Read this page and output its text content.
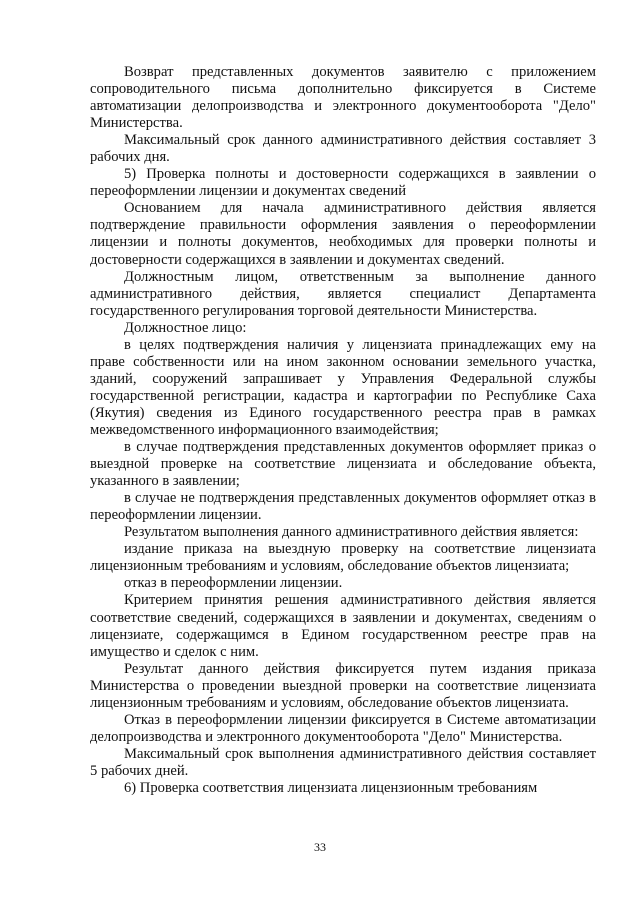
Возврат представленных документов заявителю с приложением сопроводительного письма дополнительно фиксируется в Системе автоматизации делопроизводства и электронного документооборота "Дело" Министерства.

Максимальный срок данного административного действия составляет 3 рабочих дня.

5) Проверка полноты и достоверности содержащихся в заявлении о переоформлении лицензии и документах сведений

Основанием для начала административного действия является подтверждение правильности оформления заявления о переоформлении лицензии и полноты документов, необходимых для проверки полноты и достоверности содержащихся в заявлении и документах сведений.

Должностным лицом, ответственным за выполнение данного административного действия, является специалист Департамента государственного регулирования торговой деятельности Министерства.

Должностное лицо:

в целях подтверждения наличия у лицензиата принадлежащих ему на праве собственности или на ином законном основании земельного участка, зданий, сооружений запрашивает у Управления Федеральной службы государственной регистрации, кадастра и картографии по Республике Саха (Якутия) сведения из Единого государственного реестра прав в рамках межведомственного информационного взаимодействия;

в случае подтверждения представленных документов оформляет приказ о выездной проверке на соответствие лицензиата и обследование объекта, указанного в заявлении;

в случае не подтверждения представленных документов оформляет отказ в переоформлении лицензии.

Результатом выполнения данного административного действия является:

издание приказа на выездную проверку на соответствие лицензиата лицензионным требованиям и условиям, обследование объектов лицензиата;

отказ в переоформлении лицензии.

Критерием принятия решения административного действия является соответствие сведений, содержащихся в заявлении и документах, сведениям о лицензиате, содержащимся в Едином государственном реестре прав на имущество и сделок с ним.

Результат данного действия фиксируется путем издания приказа Министерства о проведении выездной проверки на соответствие лицензиата лицензионным требованиям и условиям, обследование объектов лицензиата.

Отказ в переоформлении лицензии фиксируется в Системе автоматизации делопроизводства и электронного документооборота "Дело" Министерства.

Максимальный срок выполнения административного действия составляет 5 рабочих дней.

6) Проверка соответствия лицензиата лицензионным требованиям

33
